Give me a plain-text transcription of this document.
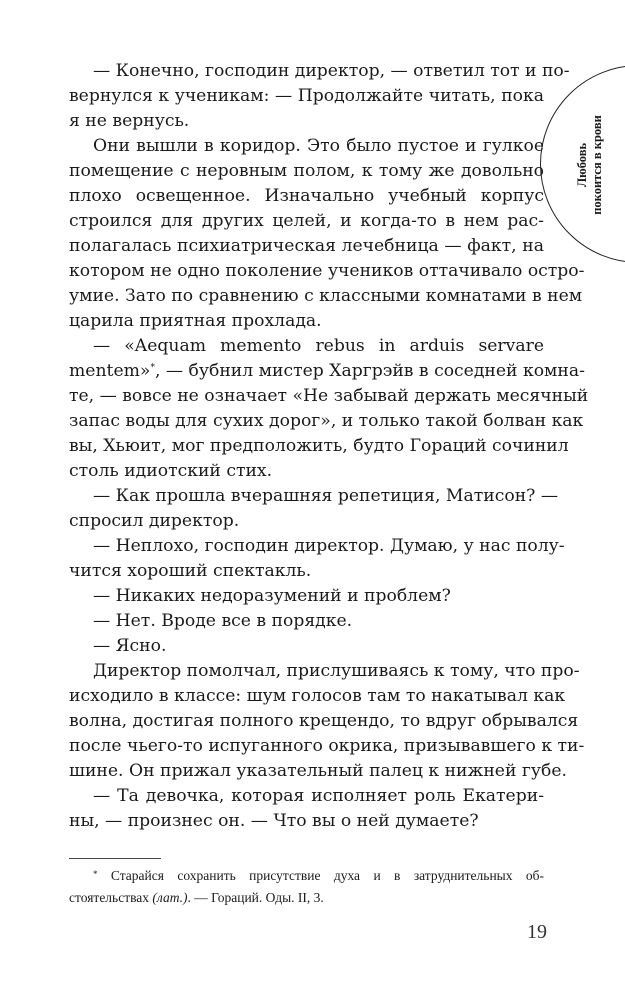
Любовь покоится в крови

— Конечно, господин директор, — ответил тот и по-
вернулся к ученикам: — Продолжайте читать, пока
я не вернусь.

Они вышли в коридор. Это было пустое и гулкое
помещение с неровным полом, к тому же довольно
плохо освещенное. Изначально учебный корпус
строился для других целей, и когда-то в нем рас-
полагалась психиатрическая лечебница — факт, на
котором не одно поколение учеников оттачивало остро-
умие. Зато по сравнению с классными комнатами в нем
царила приятная прохлада.

— «Aequam memento rebus in arduis servare
mentem»*, — бубнил мистер Харгрэйв в соседней комна-
те, — вовсе не означает «Не забывай держать месячный
запас воды для сухих дорог», и только такой болван как
вы, Хьюит, мог предположить, будто Гораций сочинил
столь идиотский стих.

— Как прошла вчерашняя репетиция, Матисон? —
спросил директор.

— Неплохо, господин директор. Думаю, у нас полу-
чится хороший спектакль.

— Никаких недоразумений и проблем?

— Нет. Вроде все в порядке.

— Ясно.

Директор помолчал, прислушиваясь к тому, что про-
исходило в классе: шум голосов там то накатывал как
волна, достигая полного крещендо, то вдруг обрывался
после чьего-то испуганного окрика, призывавшего к ти-
шине. Он прижал указательный палец к нижней губе.

— Та девочка, которая исполняет роль Екатери-
ны, — произнес он. — Что вы о ней думаете?

* Старайся сохранить присутствие духа и в затруднительных об-
стоятельствах (лат.). — Гораций. Оды. II, 3.
19
